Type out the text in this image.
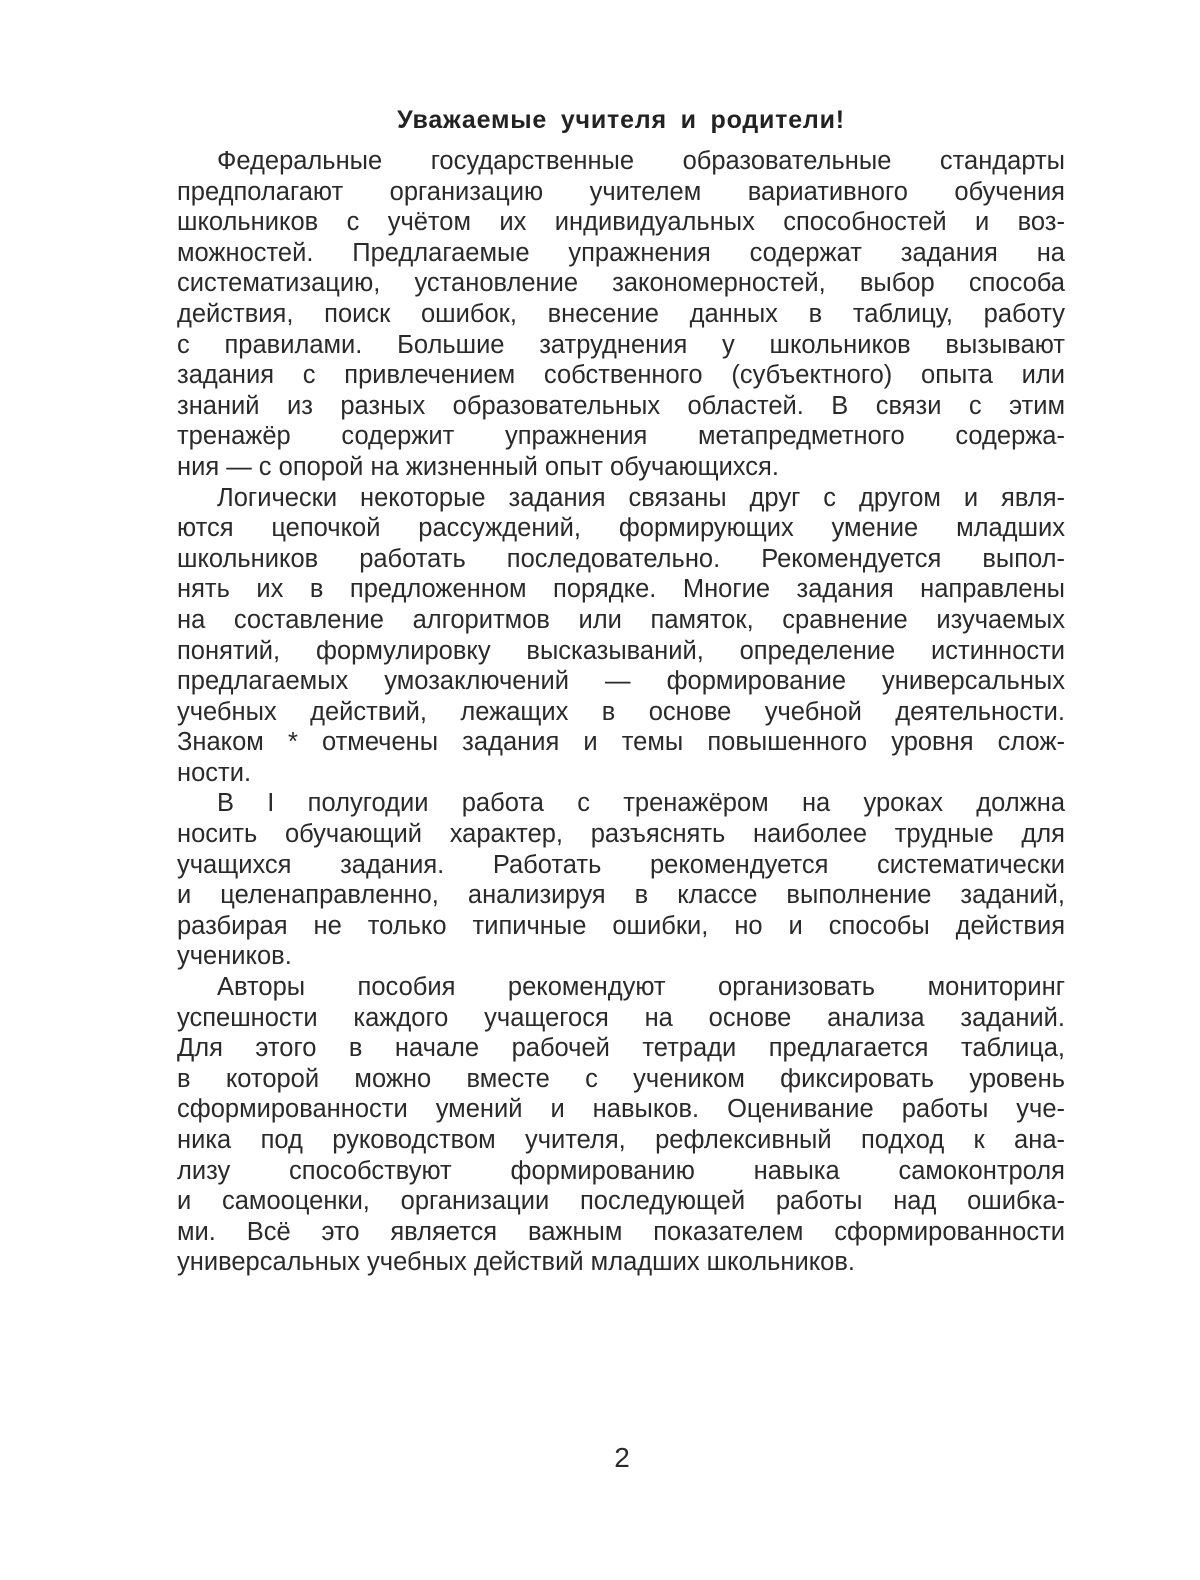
Уважаемые учителя и родители!
Федеральные государственные образовательные стандарты
предполагают организацию учителем вариативного обучения
школьников с учётом их индивидуальных способностей и воз-
можностей. Предлагаемые упражнения содержат задания на
систематизацию, установление закономерностей, выбор способа
действия, поиск ошибок, внесение данных в таблицу, работу
с правилами. Большие затруднения у школьников вызывают
задания с привлечением собственного (субъектного) опыта или
знаний из разных образовательных областей. В связи с этим
тренажёр содержит упражнения метапредметного содержа-
ния — с опорой на жизненный опыт обучающихся.
Логически некоторые задания связаны друг с другом и явля-
ются цепочкой рассуждений, формирующих умение младших
школьников работать последовательно. Рекомендуется выпол-
нять их в предложенном порядке. Многие задания направлены
на составление алгоритмов или памяток, сравнение изучаемых
понятий, формулировку высказываний, определение истинности
предлагаемых умозаключений — формирование универсальных
учебных действий, лежащих в основе учебной деятельности.
Знаком * отмечены задания и темы повышенного уровня слож-
ности.
В I полугодии работа с тренажёром на уроках должна
носить обучающий характер, разъяснять наиболее трудные для
учащихся задания. Работать рекомендуется систематически
и целенаправленно, анализируя в классе выполнение заданий,
разбирая не только типичные ошибки, но и способы действия
учеников.
Авторы пособия рекомендуют организовать мониторинг
успешности каждого учащегося на основе анализа заданий.
Для этого в начале рабочей тетради предлагается таблица,
в которой можно вместе с учеником фиксировать уровень
сформированности умений и навыков. Оценивание работы уче-
ника под руководством учителя, рефлексивный подход к ана-
лизу способствуют формированию навыка самоконтроля
и самооценки, организации последующей работы над ошибка-
ми. Всё это является важным показателем сформированности
универсальных учебных действий младших школьников.
2
